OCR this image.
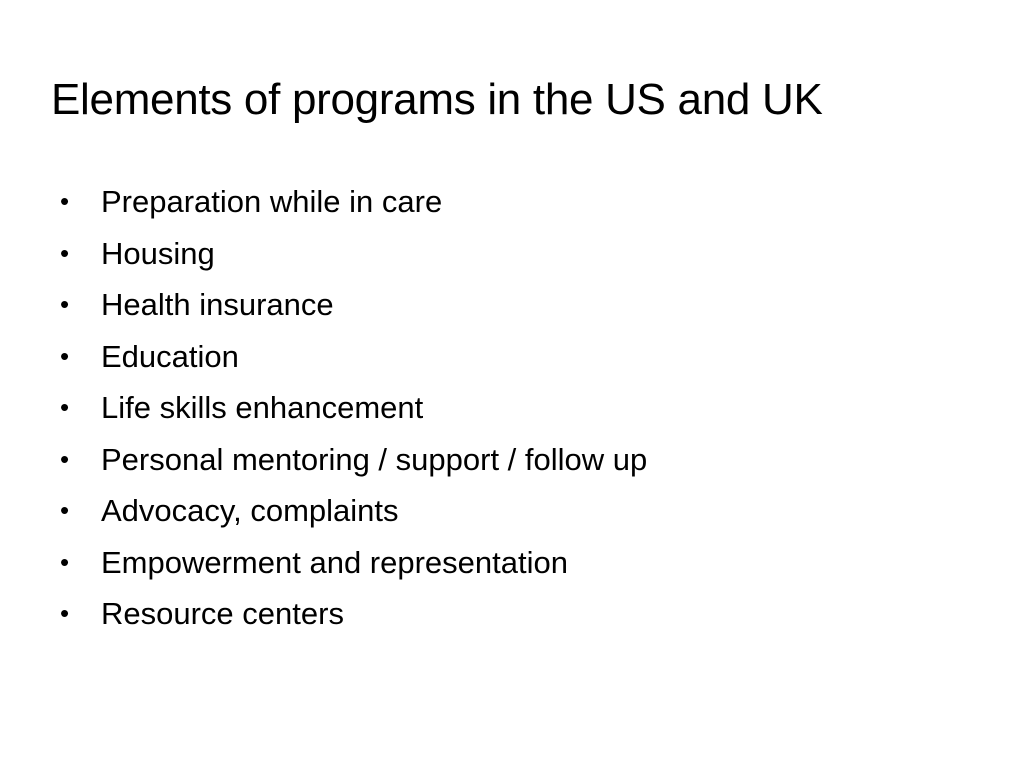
Elements of programs in the US and UK
•	Preparation while in care
•	Housing
•	Health insurance
•	Education
•	Life skills enhancement
•	Personal mentoring / support / follow up
•	Advocacy, complaints
•	Empowerment and representation
•	Resource centers
